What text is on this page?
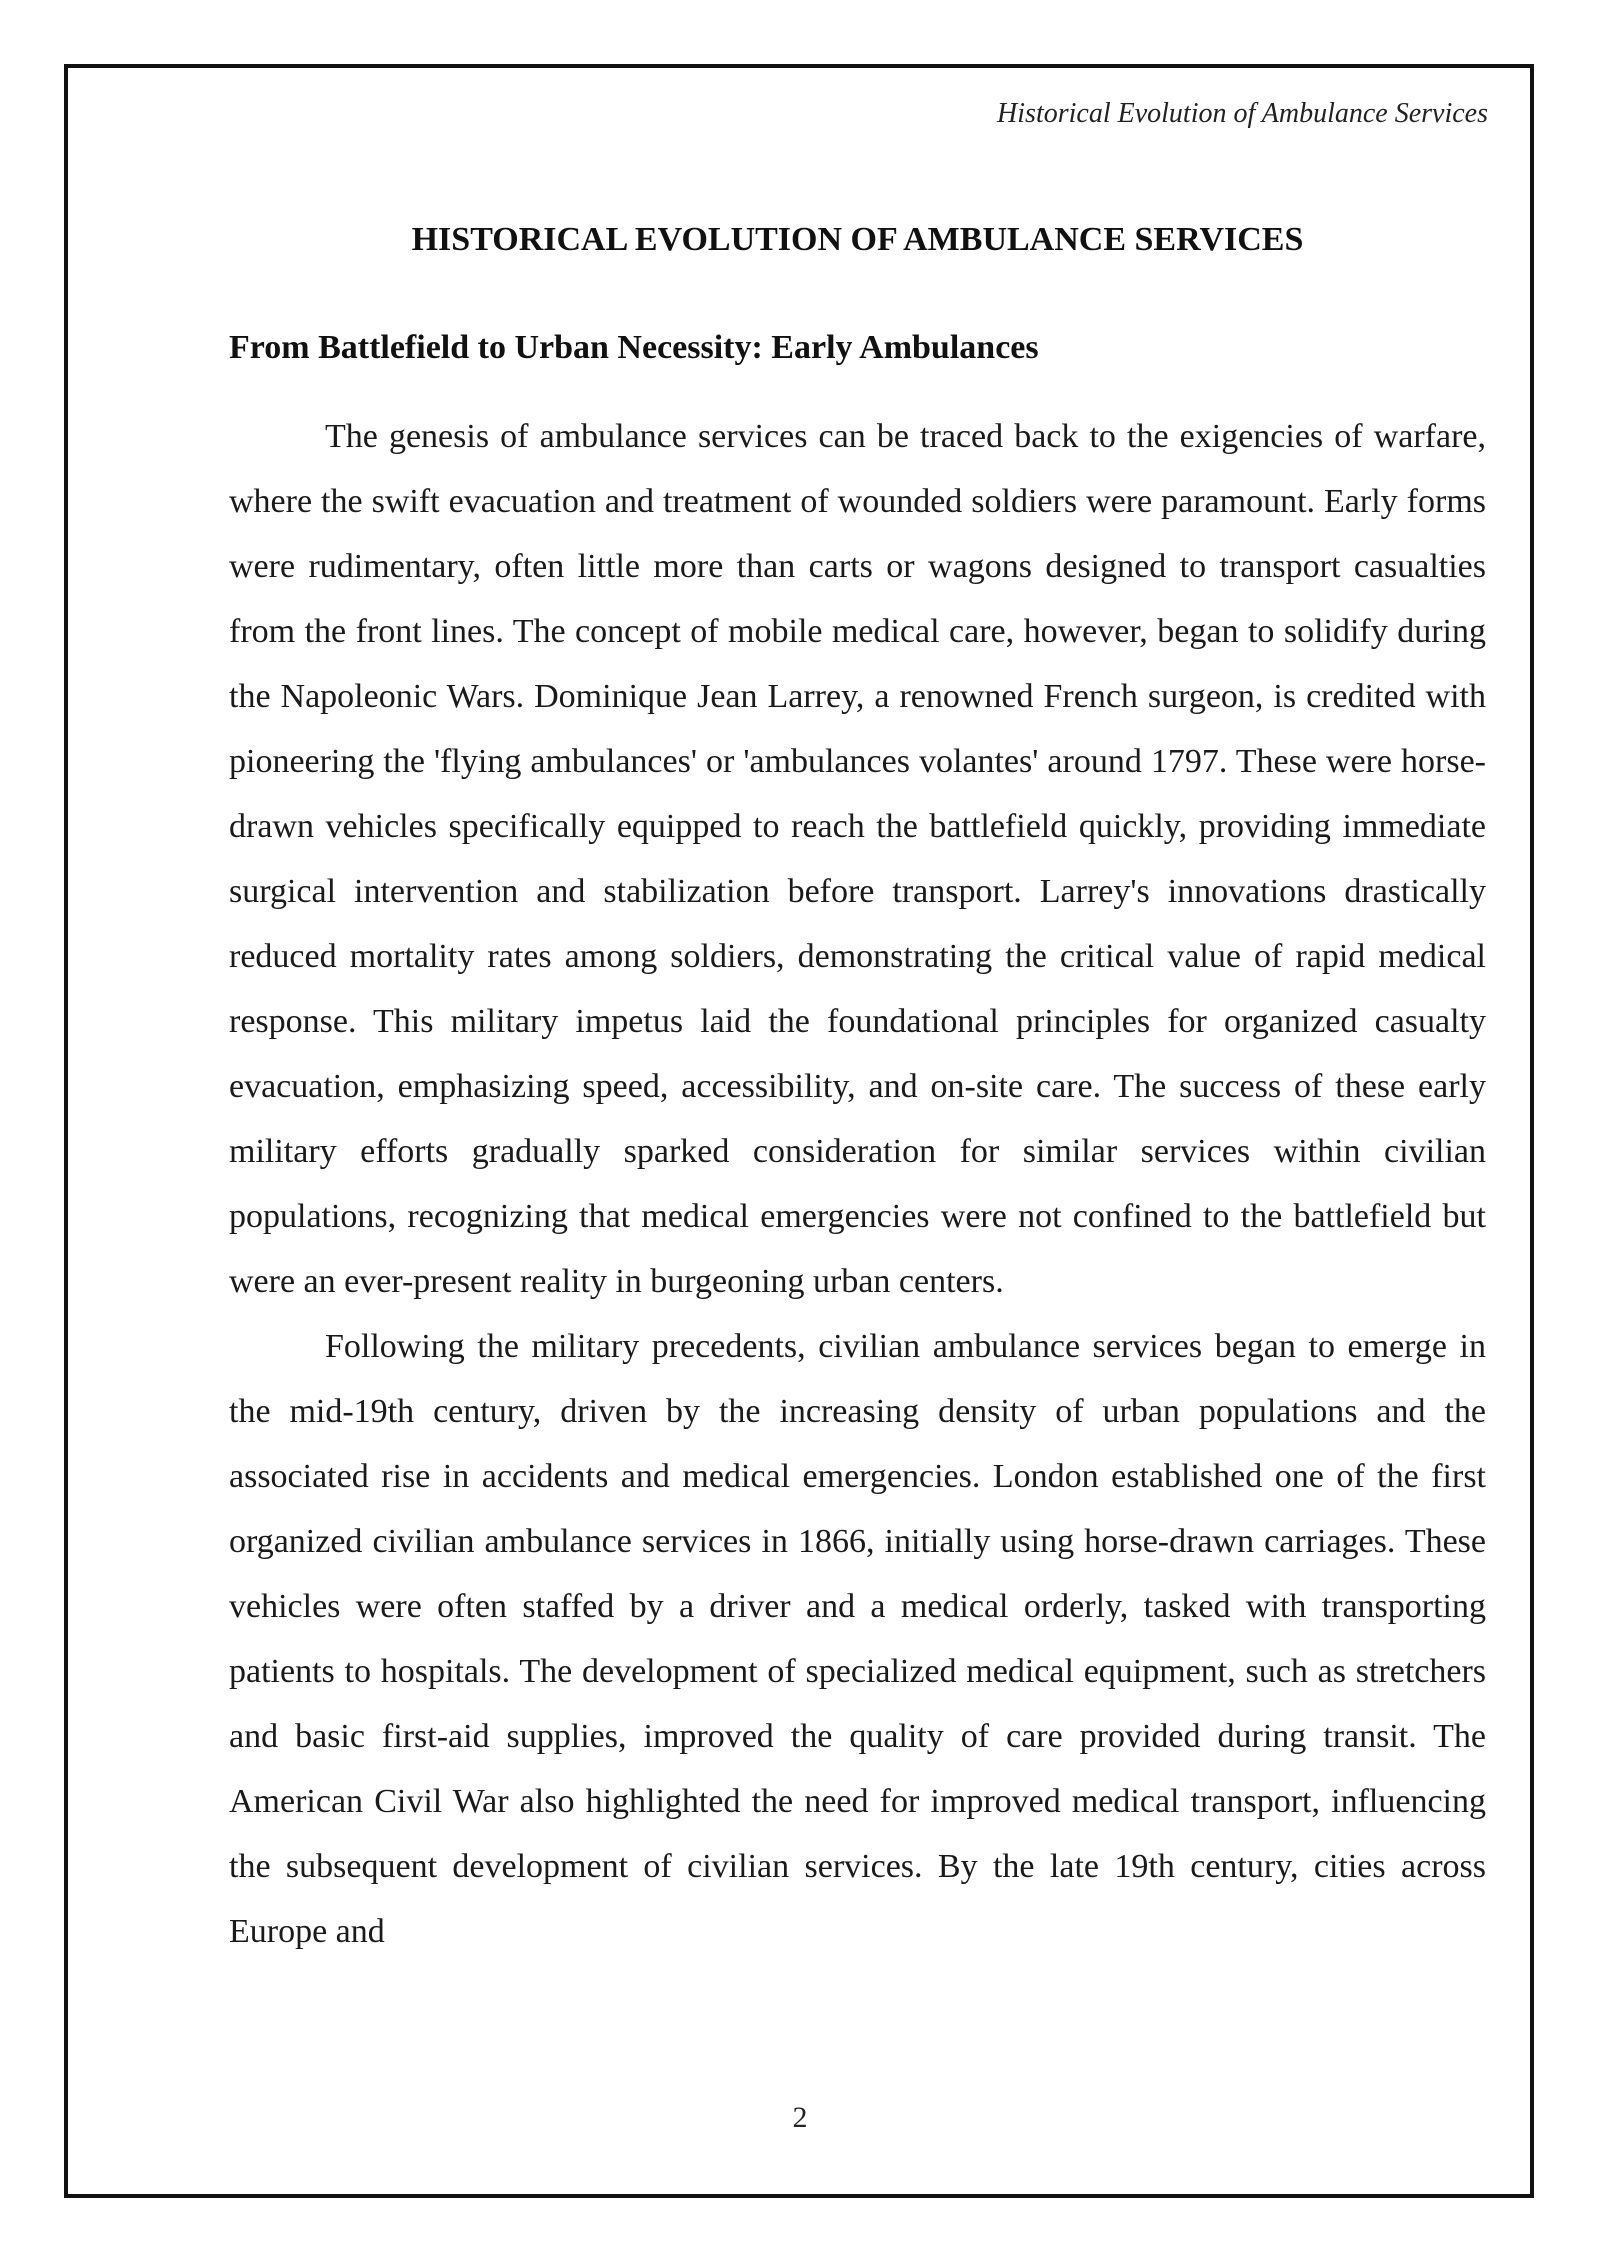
Historical Evolution of Ambulance Services
HISTORICAL EVOLUTION OF AMBULANCE SERVICES
From Battlefield to Urban Necessity: Early Ambulances

The genesis of ambulance services can be traced back to the exigencies of warfare, where the swift evacuation and treatment of wounded soldiers were paramount. Early forms were rudimentary, often little more than carts or wagons designed to transport casualties from the front lines. The concept of mobile medical care, however, began to solidify during the Napoleonic Wars. Dominique Jean Larrey, a renowned French surgeon, is credited with pioneering the 'flying ambulances' or 'ambulances volantes' around 1797. These were horse-drawn vehicles specifically equipped to reach the battlefield quickly, providing immediate surgical intervention and stabilization before transport. Larrey's innovations drastically reduced mortality rates among soldiers, demonstrating the critical value of rapid medical response. This military impetus laid the foundational principles for organized casualty evacuation, emphasizing speed, accessibility, and on-site care. The success of these early military efforts gradually sparked consideration for similar services within civilian populations, recognizing that medical emergencies were not confined to the battlefield but were an ever-present reality in burgeoning urban centers.

Following the military precedents, civilian ambulance services began to emerge in the mid-19th century, driven by the increasing density of urban populations and the associated rise in accidents and medical emergencies. London established one of the first organized civilian ambulance services in 1866, initially using horse-drawn carriages. These vehicles were often staffed by a driver and a medical orderly, tasked with transporting patients to hospitals. The development of specialized medical equipment, such as stretchers and basic first-aid supplies, improved the quality of care provided during transit. The American Civil War also highlighted the need for improved medical transport, influencing the subsequent development of civilian services. By the late 19th century, cities across Europe and

2
